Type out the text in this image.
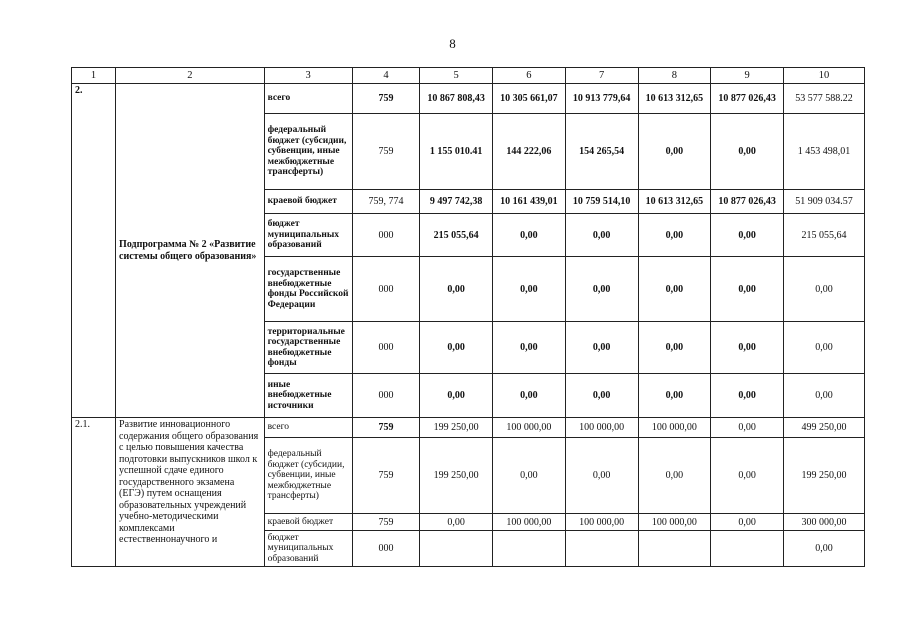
8
1	2	3	4	5	6	7	8	9	10
2.	Подпрограмма № 2 «Развитие системы общего образования»	всего	759	10 867 808,43	10 305 661,07	10 913 779,64	10 613 312,65	10 877 026,43	53 577 588.22
		федеральный бюджет (субсидии, субвенции, иные межбюджетные трансферты)	759	1 155 010.41	144 222,06	154 265,54	0,00	0,00	1 453 498,01
		краевой бюджет	759, 774	9 497 742,38	10 161 439,01	10 759 514,10	10 613 312,65	10 877 026,43	51 909 034.57
		бюджет муниципальных образований	000	215 055,64	0,00	0,00	0,00	0,00	215 055,64
		государственные внебюджетные фонды Российской Федерации	000	0,00	0,00	0,00	0,00	0,00	0,00
		территориальные государственные внебюджетные фонды	000	0,00	0,00	0,00	0,00	0,00	0,00
		иные внебюджетные источники	000	0,00	0,00	0,00	0,00	0,00	0,00
2.1.	Развитие инновационного содержания общего образования с целью повышения качества подготовки выпускников школ к успешной сдаче единого государственного экзамена (ЕГЭ) путем оснащения образовательных учреждений учебно-методическими комплексами естественнонаучного и	всего	759	199 250,00	100 000,00	100 000,00	100 000,00	0,00	499 250,00
		федеральный бюджет (субсидии, субвенции, иные межбюджетные трансферты)	759	199 250,00	0,00	0,00	0,00	0,00	199 250,00
		краевой бюджет	759	0,00	100 000,00	100 000,00	100 000,00	0,00	300 000,00
		бюджет муниципальных образований	000						0,00
